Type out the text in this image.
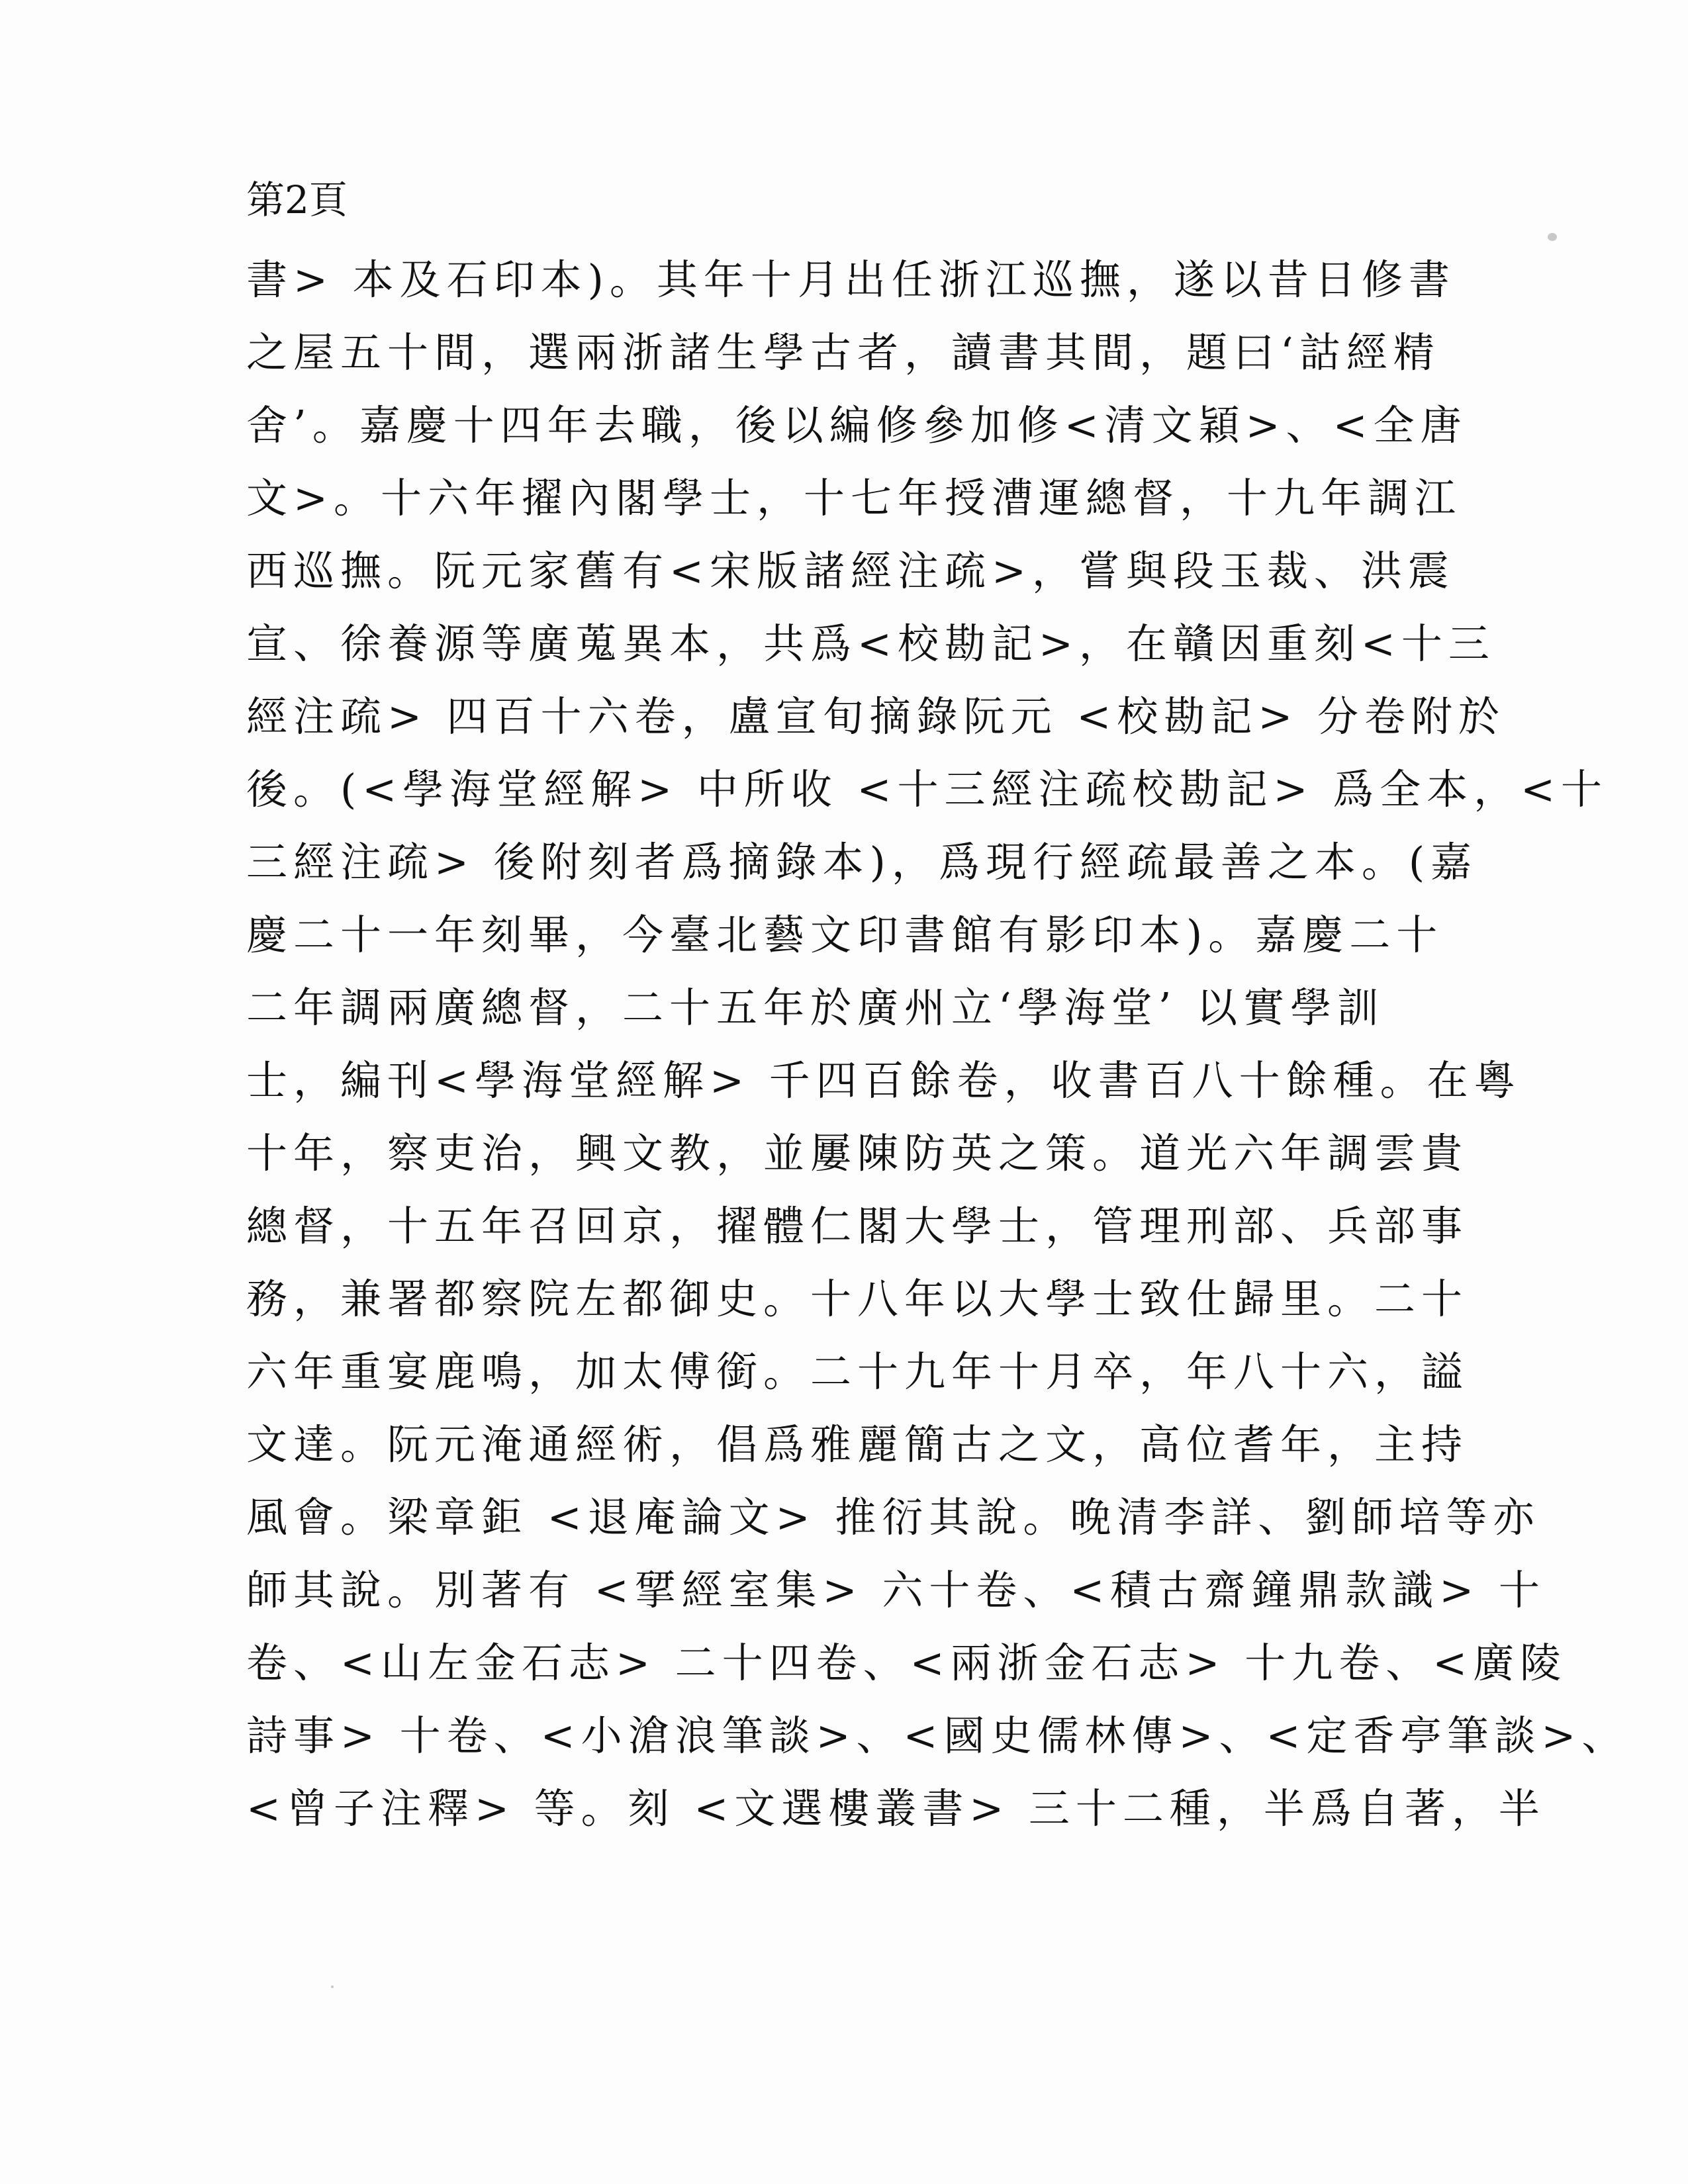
第2頁
書> 本及石印本)。其年十月出任浙江巡撫，遂以昔日修書
之屋五十間，選兩浙諸生學古者，讀書其間，題曰‘詁經精
舍’。嘉慶十四年去職，後以編修參加修<清文穎>、<全唐
文>。十六年擢內閣學士，十七年授漕運總督，十九年調江
西巡撫。阮元家舊有<宋版諸經注疏>，嘗與段玉裁、洪震
宣、徐養源等廣蒐異本，共爲<校勘記>，在贛因重刻<十三
經注疏> 四百十六卷，盧宣旬摘錄阮元 <校勘記> 分卷附於
後。(<學海堂經解> 中所收 <十三經注疏校勘記> 爲全本，<十
三經注疏> 後附刻者爲摘錄本)，爲現行經疏最善之本。(嘉
慶二十一年刻畢，今臺北藝文印書館有影印本)。嘉慶二十
二年調兩廣總督，二十五年於廣州立‘學海堂’ 以實學訓
士，編刊<學海堂經解> 千四百餘卷，收書百八十餘種。在粵
十年，察吏治，興文教，並屢陳防英之策。道光六年調雲貴
總督，十五年召回京，擢體仁閣大學士，管理刑部、兵部事
務，兼署都察院左都御史。十八年以大學士致仕歸里。二十
六年重宴鹿鳴，加太傅銜。二十九年十月卒，年八十六，謚
文達。阮元淹通經術，倡爲雅麗簡古之文，高位耆年，主持
風會。梁章鉅 <退庵論文> 推衍其說。晚清李詳、劉師培等亦
師其說。別著有 <揅經室集> 六十卷、<積古齋鐘鼎款識> 十
卷、<山左金石志> 二十四卷、<兩浙金石志> 十九卷、<廣陵
詩事> 十卷、<小滄浪筆談>、<國史儒林傳>、<定香亭筆談>、
<曾子注釋> 等。刻 <文選樓叢書> 三十二種，半爲自著，半
